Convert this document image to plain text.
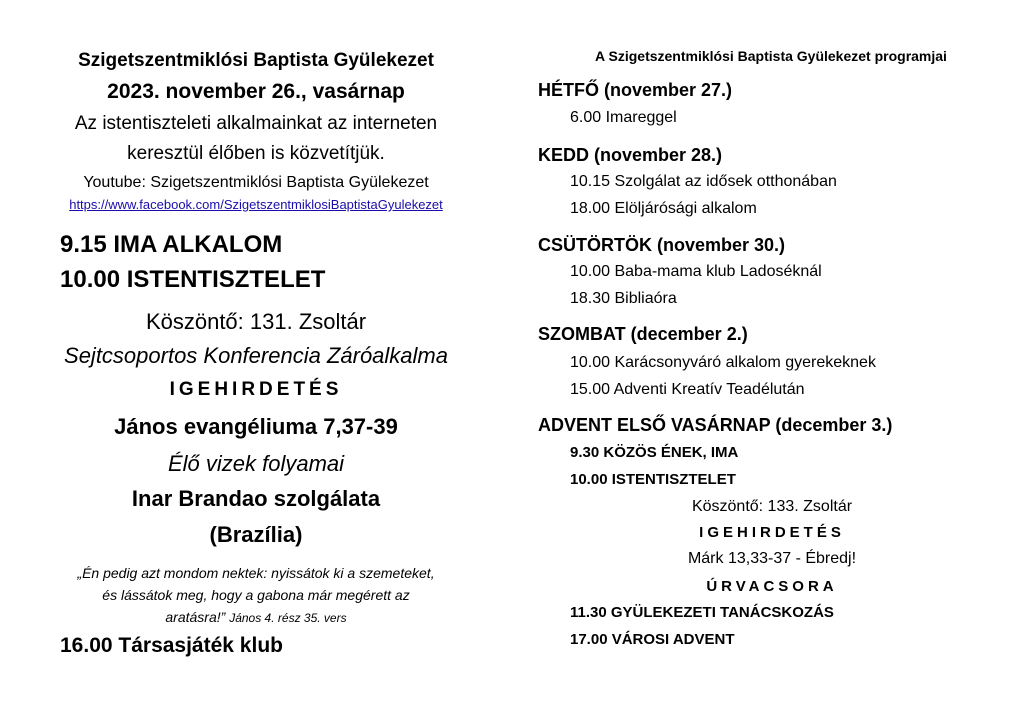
Szigetszentmiklósi Baptista Gyülekezet
2023. november 26., vasárnap
Az istentiszteleti alkalmainkat az interneten
keresztül élőben is közvetítjük.
Youtube: Szigetszentmiklósi Baptista Gyülekezet
https://www.facebook.com/SzigetszentmiklosiBaptistaGyulekezet
9.15 IMA ALKALOM
10.00 ISTENTISZTELET
Köszöntő: 131. Zsoltár
Sejtcsoportos Konferencia Záróalkalma
IGEHIRDETÉS
János evangéliuma 7,37-39
Élő vizek folyamai
Inar Brandao szolgálata
(Brazília)
„Én pedig azt mondom nektek: nyissátok ki a szemeteket,
és lássátok meg, hogy a gabona már megérett az
aratásra!” János 4. rész 35. vers
16.00 Társasjáték klub
A Szigetszentmiklósi Baptista Gyülekezet programjai
HÉTFŐ (november 27.)
6.00 Imareggel
KEDD (november 28.)
10.15 Szolgálat az idősek otthonában
18.00 Elöljárósági alkalom
CSÜTÖRTÖK (november 30.)
10.00 Baba-mama klub Ladoséknál
18.30 Bibliaóra
SZOMBAT (december 2.)
10.00 Karácsonyváró alkalom gyerekeknek
15.00 Adventi Kreatív Teadélután
ADVENT ELSŐ VASÁRNAP (december 3.)
9.30 KÖZÖS ÉNEK, IMA
10.00 ISTENTISZTELET
Köszöntő: 133. Zsoltár
IGEHIRDETÉS
Márk 13,33-37 - Ébredj!
ÚRVACSORA
11.30 GYÜLEKEZETI TANÁCSKOZÁS
17.00 VÁROSI ADVENT
